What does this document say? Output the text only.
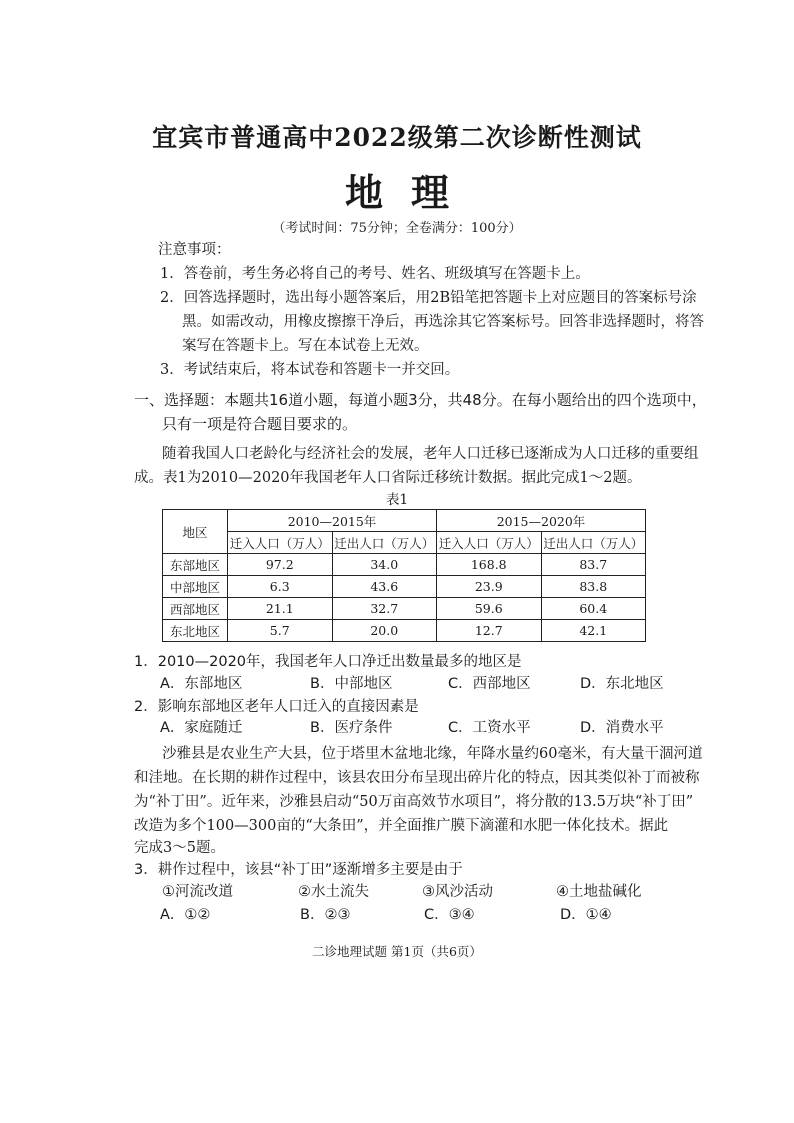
宜宾市普通高中2022级第二次诊断性测试
地理
（考试时间：75分钟；全卷满分：100分）
注意事项：
1．答卷前，考生务必将自己的考号、姓名、班级填写在答题卡上。
2．回答选择题时，选出每小题答案后，用2B铅笔把答题卡上对应题目的答案标号涂
黑。如需改动，用橡皮擦擦干净后，再选涂其它答案标号。回答非选择题时，将答
案写在答题卡上。写在本试卷上无效。
3．考试结束后，将本试卷和答题卡一并交回。
一、选择题：本题共16道小题，每道小题3分，共48分。在每小题给出的四个选项中，
只有一项是符合题目要求的。
随着我国人口老龄化与经济社会的发展，老年人口迁移已逐渐成为人口迁移的重要组
成。表1为2010—2020年我国老年人口省际迁移统计数据。据此完成1～2题。
表1
地区	2010—2015年		2015—2020年	
	迁入人口（万人）	迁出人口（万人）	迁入人口（万人）	迁出人口（万人）
东部地区	97.2	34.0	168.8	83.7
中部地区	6.3	43.6	23.9	83.8
西部地区	21.1	32.7	59.6	60.4
东北地区	5.7	20.0	12.7	42.1
1．2010—2020年，我国老年人口净迁出数量最多的地区是
A．东部地区	B．中部地区	C．西部地区	D．东北地区
2．影响东部地区老年人口迁入的直接因素是
A．家庭随迁	B．医疗条件	C．工资水平	D．消费水平
沙雅县是农业生产大县，位于塔里木盆地北缘，年降水量约60毫米，有大量干涸河道
和洼地。在长期的耕作过程中，该县农田分布呈现出碎片化的特点，因其类似补丁而被称
为“补丁田”。近年来，沙雅县启动“50万亩高效节水项目”，将分散的13.5万块“补丁田”
改造为多个100—300亩的“大条田”，并全面推广膜下滴灌和水肥一体化技术。据此
完成3～5题。
3．耕作过程中，该县“补丁田”逐渐增多主要是由于
①河流改道	②水土流失	③风沙活动	④土地盐碱化
A．①②	B．②③	C．③④	D．①④
二诊地理试题 第1页（共6页）
